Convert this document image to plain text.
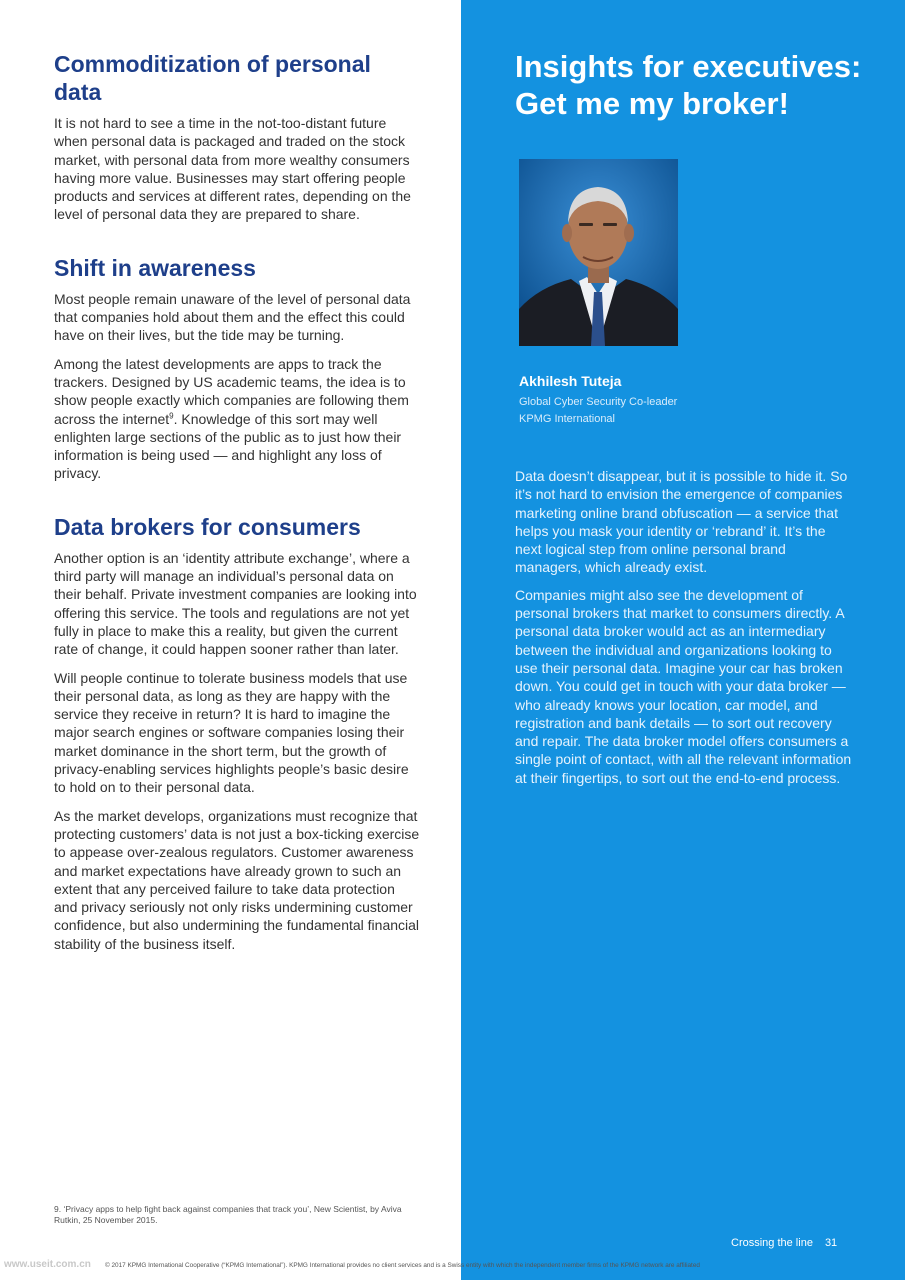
Commoditization of personal data

It is not hard to see a time in the not-too-distant future when personal data is packaged and traded on the stock market, with personal data from more wealthy consumers having more value. Businesses may start offering people products and services at different rates, depending on the level of personal data they are prepared to share.

Shift in awareness

Most people remain unaware of the level of personal data that companies hold about them and the effect this could have on their lives, but the tide may be turning.

Among the latest developments are apps to track the trackers. Designed by US academic teams, the idea is to show people exactly which companies are following them across the internet$^9$. Knowledge of this sort may well enlighten large sections of the public as to just how their information is being used — and highlight any loss of privacy.

Data brokers for consumers

Another option is an ‘identity attribute exchange’, where a third party will manage an individual’s personal data on their behalf. Private investment companies are looking into offering this service. The tools and regulations are not yet fully in place to make this a reality, but given the current rate of change, it could happen sooner rather than later.

Will people continue to tolerate business models that use their personal data, as long as they are happy with the service they receive in return? It is hard to imagine the major search engines or software companies losing their market dominance in the short term, but the growth of privacy-enabling services highlights people’s basic desire to hold on to their personal data.

As the market develops, organizations must recognize that protecting customers’ data is not just a box-ticking exercise to appease over-zealous regulators. Customer awareness and market expectations have already grown to such an extent that any perceived failure to take data protection and privacy seriously not only risks undermining customer confidence, but also undermining the fundamental financial stability of the business itself.

Insights for executives: Get me my broker!
Akhilesh Tuteja
Global Cyber Security Co-leader
KPMG International

Data doesn’t disappear, but it is possible to hide it. So it’s not hard to envision the emergence of companies marketing online brand obfuscation — a service that helps you mask your identity or ‘rebrand’ it. It’s the next logical step from online personal brand managers, which already exist.

Companies might also see the development of personal brokers that market to consumers directly. A personal data broker would act as an intermediary between the individual and organizations looking to use their personal data. Imagine your car has broken down. You could get in touch with your data broker — who already knows your location, car model, and registration and bank details — to sort out recovery and repair. The data broker model offers consumers a single point of contact, with all the relevant information at their fingertips, to sort out the end-to-end process.

Crossing the line 31
9. ‘Privacy apps to help fight back against companies that track you’, New Scientist, by Aviva Rutkin, 25 November 2015.
www.useit.com.cn © 2017 KPMG International Cooperative (“KPMG International”). KPMG International provides no client services and is a Swiss entity with which the independent member firms of the KPMG network are affiliated
